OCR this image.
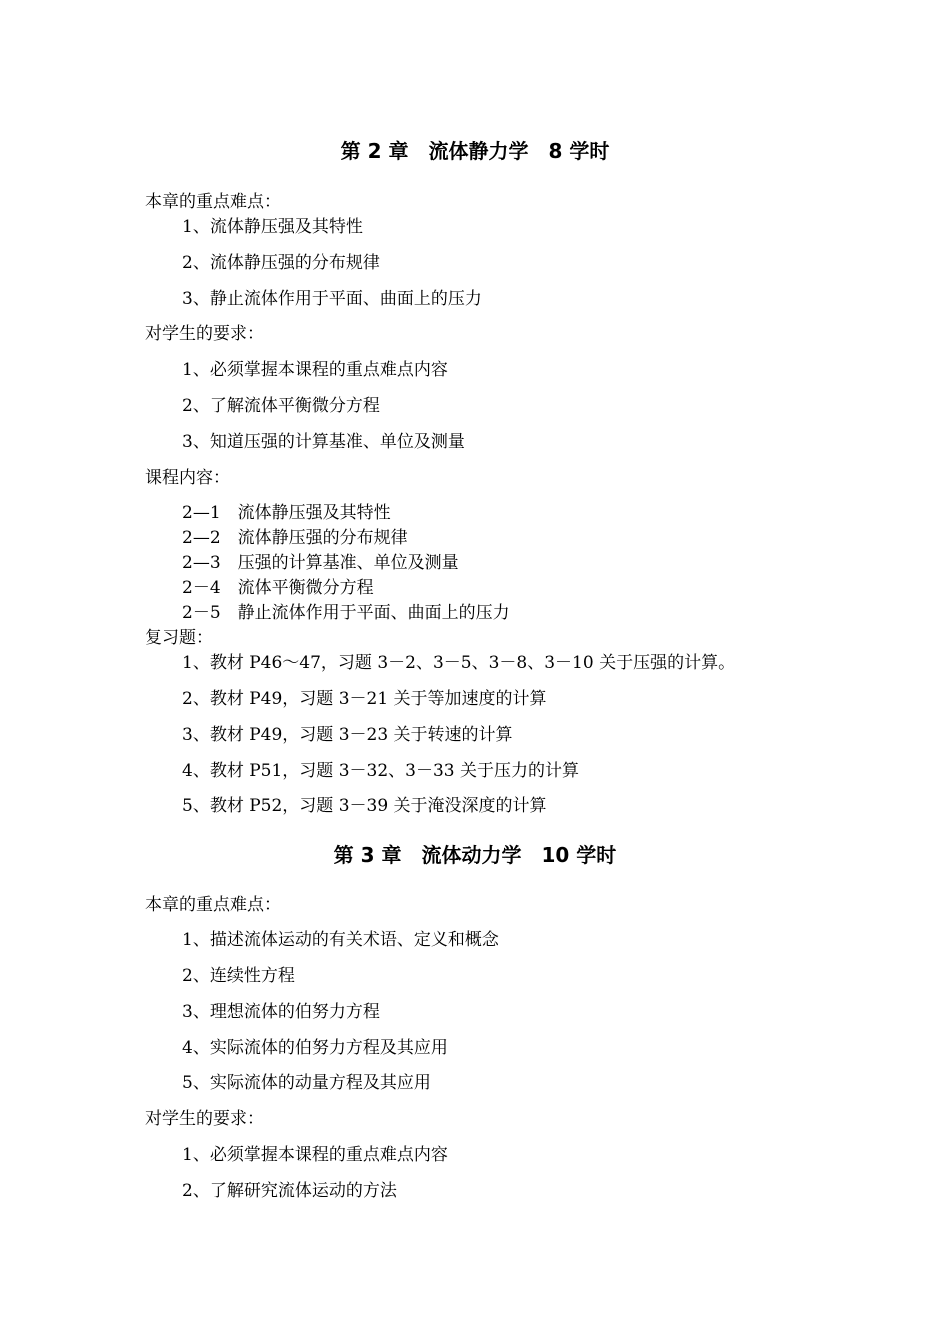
第 2 章　流体静力学　8 学时
本章的重点难点：
1、流体静压强及其特性
2、流体静压强的分布规律
3、静止流体作用于平面、曲面上的压力
对学生的要求：
1、必须掌握本课程的重点难点内容
2、了解流体平衡微分方程
3、知道压强的计算基准、单位及测量
课程内容：
2—1　流体静压强及其特性
2—2　流体静压强的分布规律
2—3　压强的计算基准、单位及测量
2－4　流体平衡微分方程
2－5　静止流体作用于平面、曲面上的压力
复习题：
1、教材 P46～47，习题 3－2、3－5、3－8、3－10 关于压强的计算。
2、教材 P49，习题 3－21 关于等加速度的计算
3、教材 P49，习题 3－23 关于转速的计算
4、教材 P51，习题 3－32、3－33 关于压力的计算
5、教材 P52，习题 3－39 关于淹没深度的计算
第 3 章　流体动力学　10 学时
本章的重点难点：
1、描述流体运动的有关术语、定义和概念
2、连续性方程
3、理想流体的伯努力方程
4、实际流体的伯努力方程及其应用
5、实际流体的动量方程及其应用
对学生的要求：
1、必须掌握本课程的重点难点内容
2、了解研究流体运动的方法
